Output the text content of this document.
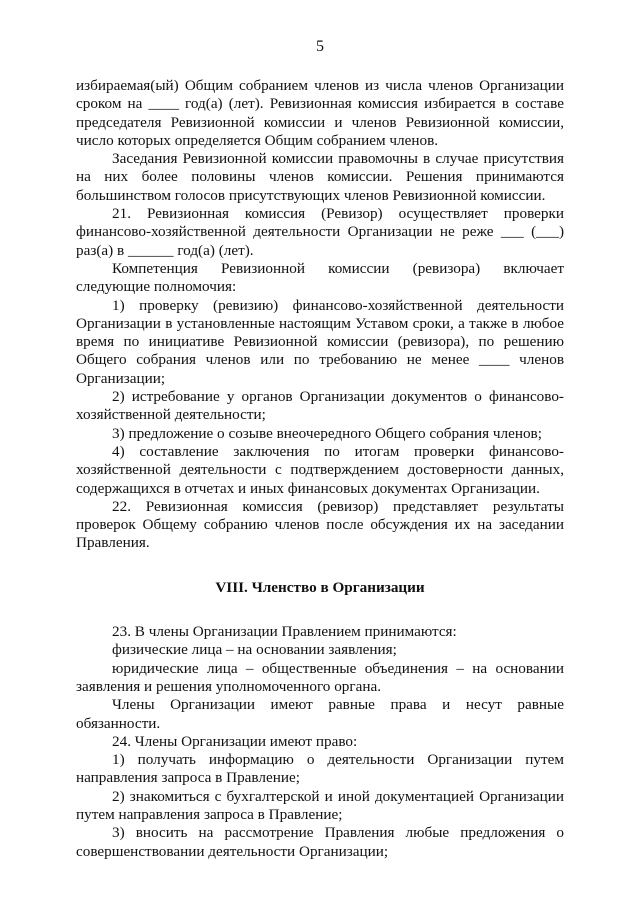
5

избираемая(ый) Общим собранием членов из числа членов Организации сроком на ____ год(а) (лет). Ревизионная комиссия избирается в составе председателя Ревизионной комиссии и членов Ревизионной комиссии, число которых определяется Общим собранием членов.

Заседания Ревизионной комиссии правомочны в случае присутствия на них более половины членов комиссии. Решения принимаются большинством голосов присутствующих членов Ревизионной комиссии.

21. Ревизионная комиссия (Ревизор) осуществляет проверки финансово-хозяйственной деятельности Организации не реже ___ (___) раз(а) в ______ год(а) (лет).

Компетенция Ревизионной комиссии (ревизора) включает следующие полномочия:

1) проверку (ревизию) финансово-хозяйственной деятельности Организации в установленные настоящим Уставом сроки, а также в любое время по инициативе Ревизионной комиссии (ревизора), по решению Общего собрания членов или по требованию не менее ____ членов Организации;

2) истребование у органов Организации документов о финансово-хозяйственной деятельности;

3) предложение о созыве внеочередного Общего собрания членов;

4) составление заключения по итогам проверки финансово-хозяйственной деятельности с подтверждением достоверности данных, содержащихся в отчетах и иных финансовых документах Организации.

22. Ревизионная комиссия (ревизор) представляет результаты проверок Общему собранию членов после обсуждения их на заседании Правления.

VIII. Членство в Организации

23. В члены Организации Правлением принимаются:

физические лица – на основании заявления;

юридические лица – общественные объединения – на основании заявления и решения уполномоченного органа.

Члены Организации имеют равные права и несут равные обязанности.

24. Члены Организации имеют право:

1) получать информацию о деятельности Организации путем направления запроса в Правление;

2) знакомиться с бухгалтерской и иной документацией Организации путем направления запроса в Правление;

3) вносить на рассмотрение Правления любые предложения о совершенствовании деятельности Организации;
